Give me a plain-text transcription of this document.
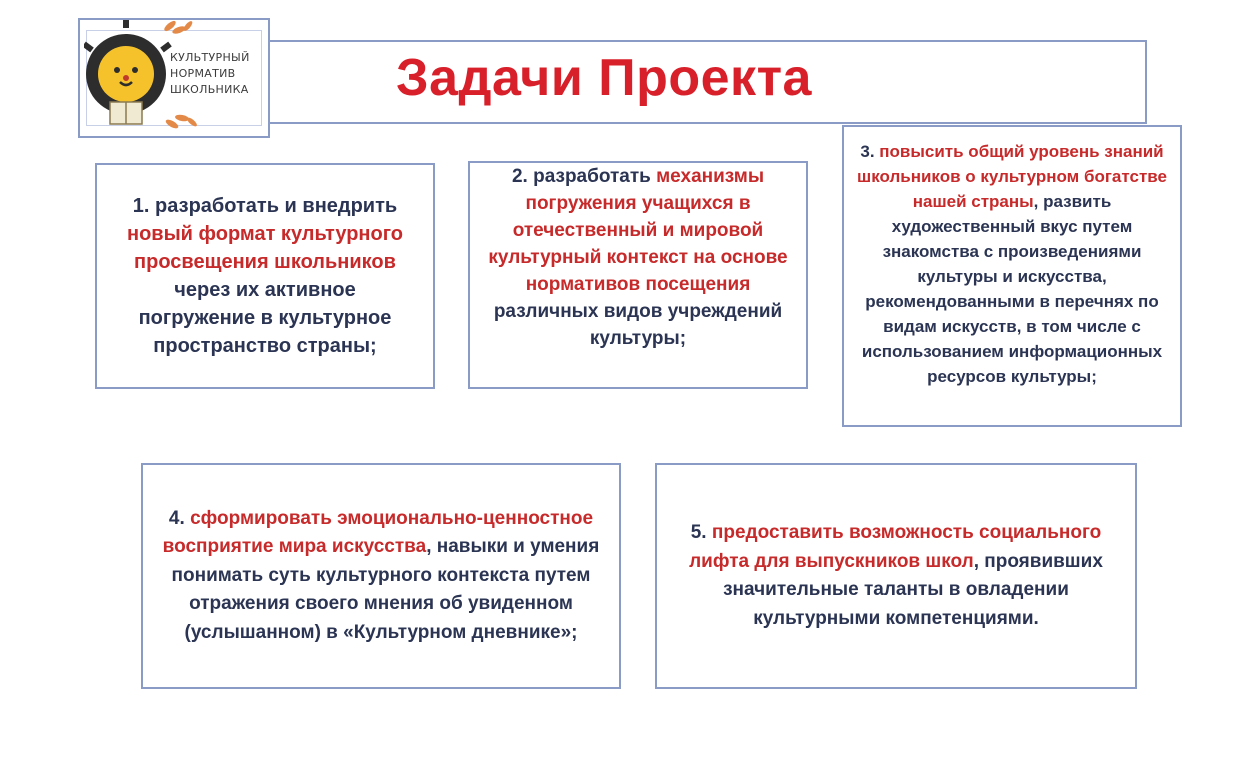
КУЛЬТУРНЫЙ
НОРМАТИВ
ШКОЛЬНИКА	Задачи Проекта

1. разработать и внедрить
новый формат культурного просвещения школьников
через их активное погружение в культурное пространство страны;

2. разработать механизмы погружения учащихся в отечественный и мировой культурный контекст на основе нормативов посещения
различных видов учреждений культуры;

3. повысить общий уровень знаний школьников о культурном богатстве нашей страны, развить художественный вкус путем знакомства с произведениями культуры и искусства, рекомендованными в перечнях по видам искусств, в том числе с использованием информационных ресурсов культуры;

4. сформировать эмоционально-ценностное восприятие мира искусства, навыки и умения понимать суть культурного контекста путем отражения своего мнения об увиденном (услышанном) в «Культурном дневнике»;

5. предоставить возможность социального лифта для выпускников школ, проявивших значительные таланты в овладении культурными компетенциями.
